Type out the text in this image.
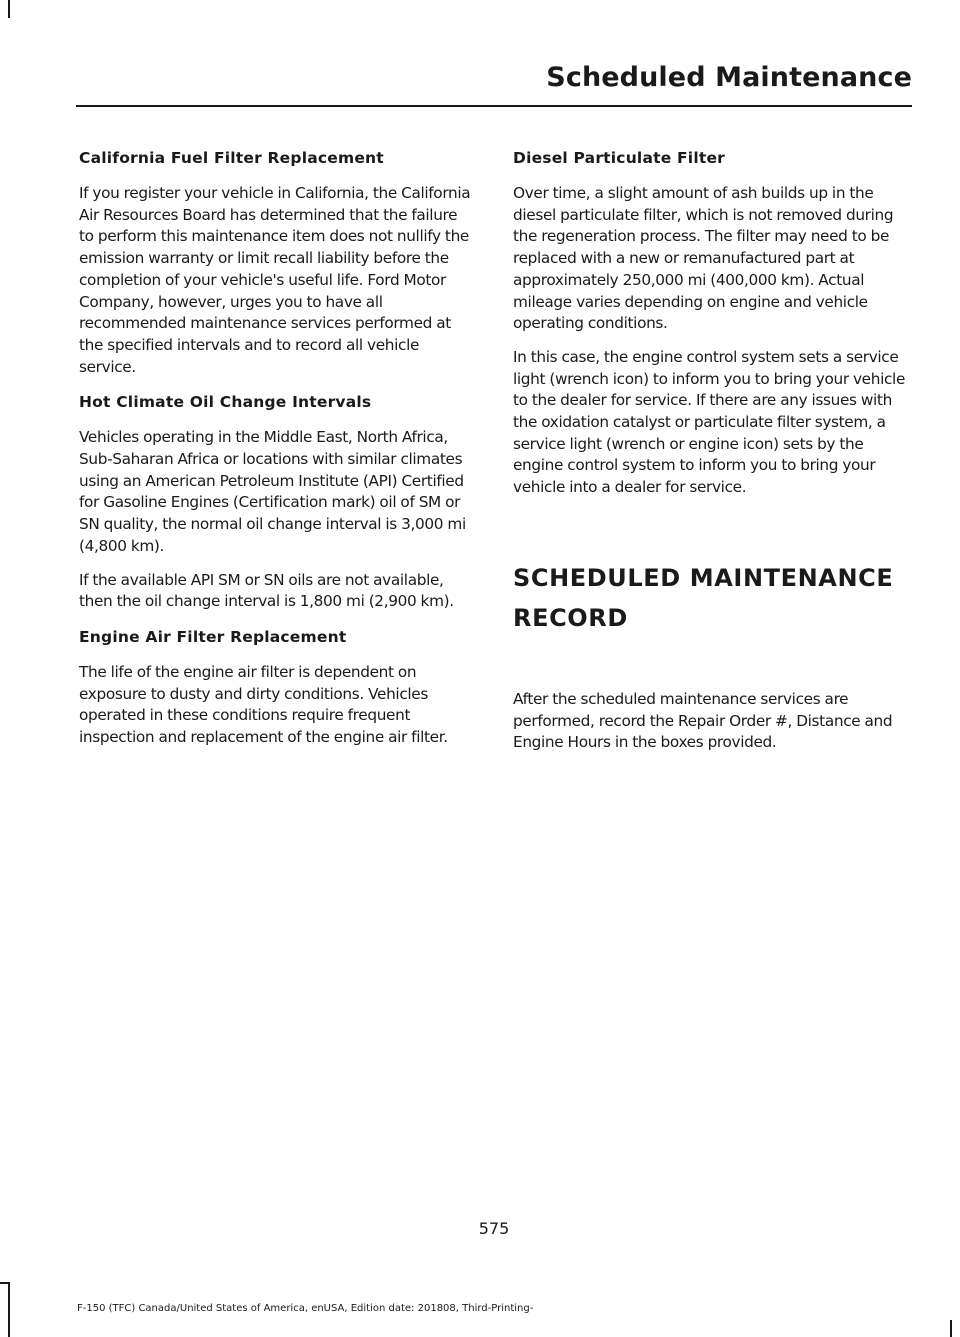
Scheduled Maintenance
California Fuel Filter Replacement

If you register your vehicle in California, the California Air Resources Board has determined that the failure to perform this maintenance item does not nullify the emission warranty or limit recall liability before the completion of your vehicle's useful life. Ford Motor Company, however, urges you to have all recommended maintenance services performed at the specified intervals and to record all vehicle service.

Hot Climate Oil Change Intervals

Vehicles operating in the Middle East, North Africa, Sub-Saharan Africa or locations with similar climates using an American Petroleum Institute (API) Certified for Gasoline Engines (Certification mark) oil of SM or SN quality, the normal oil change interval is 3,000 mi (4,800 km).

If the available API SM or SN oils are not available, then the oil change interval is 1,800 mi (2,900 km).

Engine Air Filter Replacement

The life of the engine air filter is dependent on exposure to dusty and dirty conditions. Vehicles operated in these conditions require frequent inspection and replacement of the engine air filter.

Diesel Particulate Filter

Over time, a slight amount of ash builds up in the diesel particulate filter, which is not removed during the regeneration process. The filter may need to be replaced with a new or remanufactured part at approximately 250,000 mi (400,000 km). Actual mileage varies depending on engine and vehicle operating conditions.

In this case, the engine control system sets a service light (wrench icon) to inform you to bring your vehicle to the dealer for service. If there are any issues with the oxidation catalyst or particulate filter system, a service light (wrench or engine icon) sets by the engine control system to inform you to bring your vehicle into a dealer for service.

SCHEDULED MAINTENANCE

RECORD

After the scheduled maintenance services are performed, record the Repair Order #, Distance and Engine Hours in the boxes provided.

575
F-150 (TFC) Canada/United States of America, enUSA, Edition date: 201808, Third-Printing-
